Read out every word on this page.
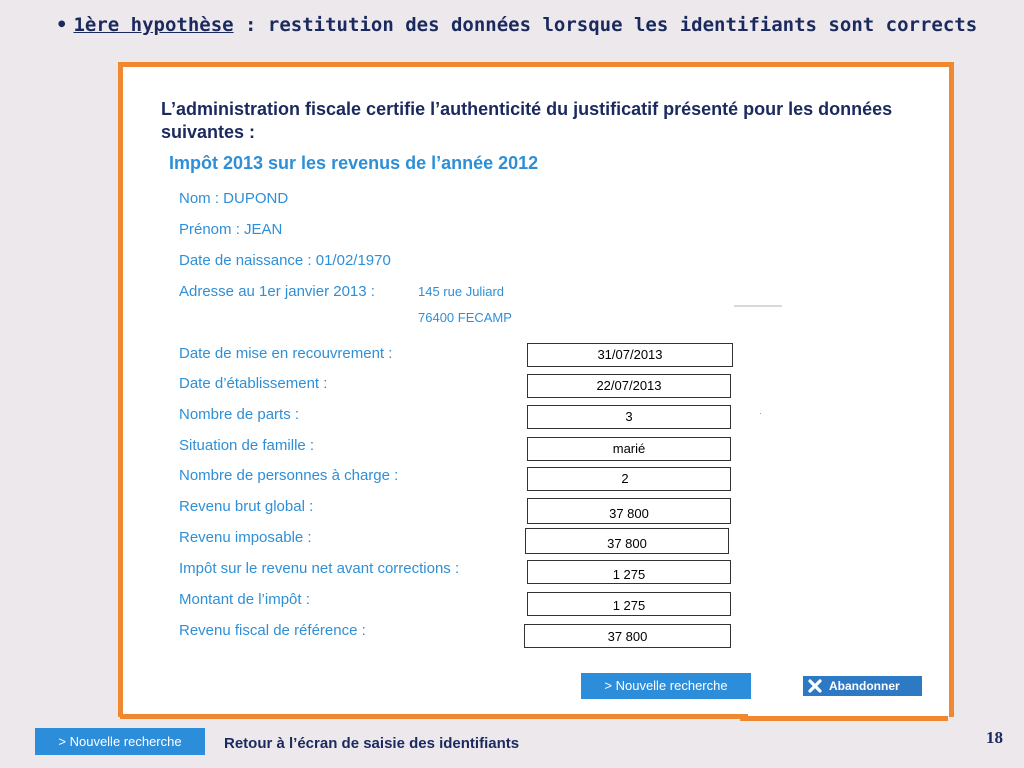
• 1ère hypothèse : restitution des données lorsque les identifiants sont corrects
L’administration fiscale certifie l’authenticité du justificatif présenté pour les données suivantes :
Impôt 2013 sur les revenus de l’année 2012
Nom : DUPOND
Prénom : JEAN
Date de naissance : 01/02/1970
Adresse au 1er janvier 2013 :	145 rue Juliard
76400 FECAMP
Date de mise en recouvrement :	31/07/2013
Date d’établissement :	22/07/2013
Nombre de parts :	3
Situation de famille :	marié
Nombre de personnes à charge :	2
Revenu brut global :	37 800
Revenu imposable :	37 800
Impôt sur le revenu net avant corrections :	1 275
Montant de l’impôt :	1 275
Revenu fiscal de référence :	37 800
·
> Nouvelle recherche	Abandonner
> Nouvelle recherche	Retour à l’écran de saisie des identifiants	18
